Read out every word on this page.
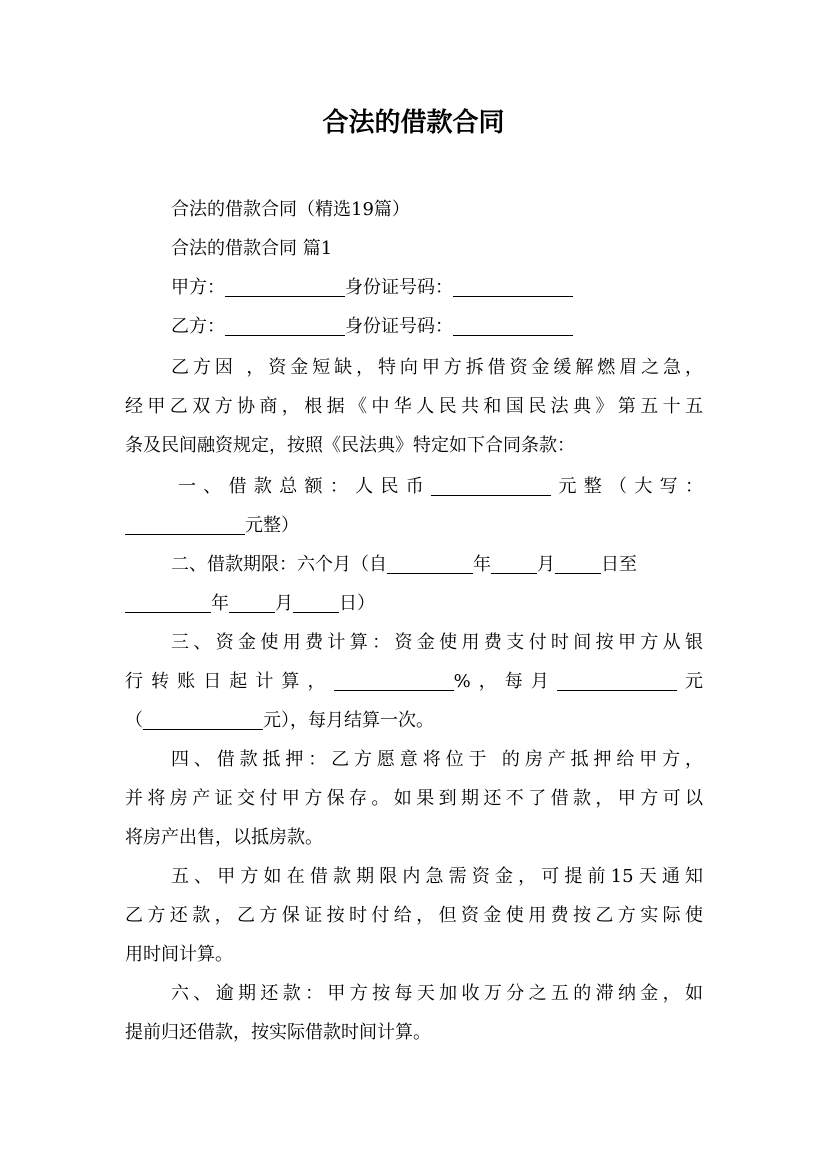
合法的借款合同
合法的借款合同（精选19篇）
合法的借款合同 篇1
甲方：	身份证号码：
乙方：	身份证号码：
乙方因 ，资金短缺，特向甲方拆借资金缓解燃眉之急，
经甲乙双方协商，根据《中华人民共和国民法典》第五十五
条及民间融资规定，按照《民法典》特定如下合同条款：
一、借款总额：人民币	元整（大写：
元整）
二、借款期限：六个月（自	年	月	日至
年	月	日）
三、资金使用费计算：资金使用费支付时间按甲方从银
行转账日起计算，	%，每月	元
（	元），每月结算一次。
四、借款抵押：乙方愿意将位于 的房产抵押给甲方，
并将房产证交付甲方保存。如果到期还不了借款，甲方可以
将房产出售，以抵房款。
五、甲方如在借款期限内急需资金，可提前15天通知
乙方还款，乙方保证按时付给，但资金使用费按乙方实际使
用时间计算。
六、逾期还款：甲方按每天加收万分之五的滞纳金，如
提前归还借款，按实际借款时间计算。
